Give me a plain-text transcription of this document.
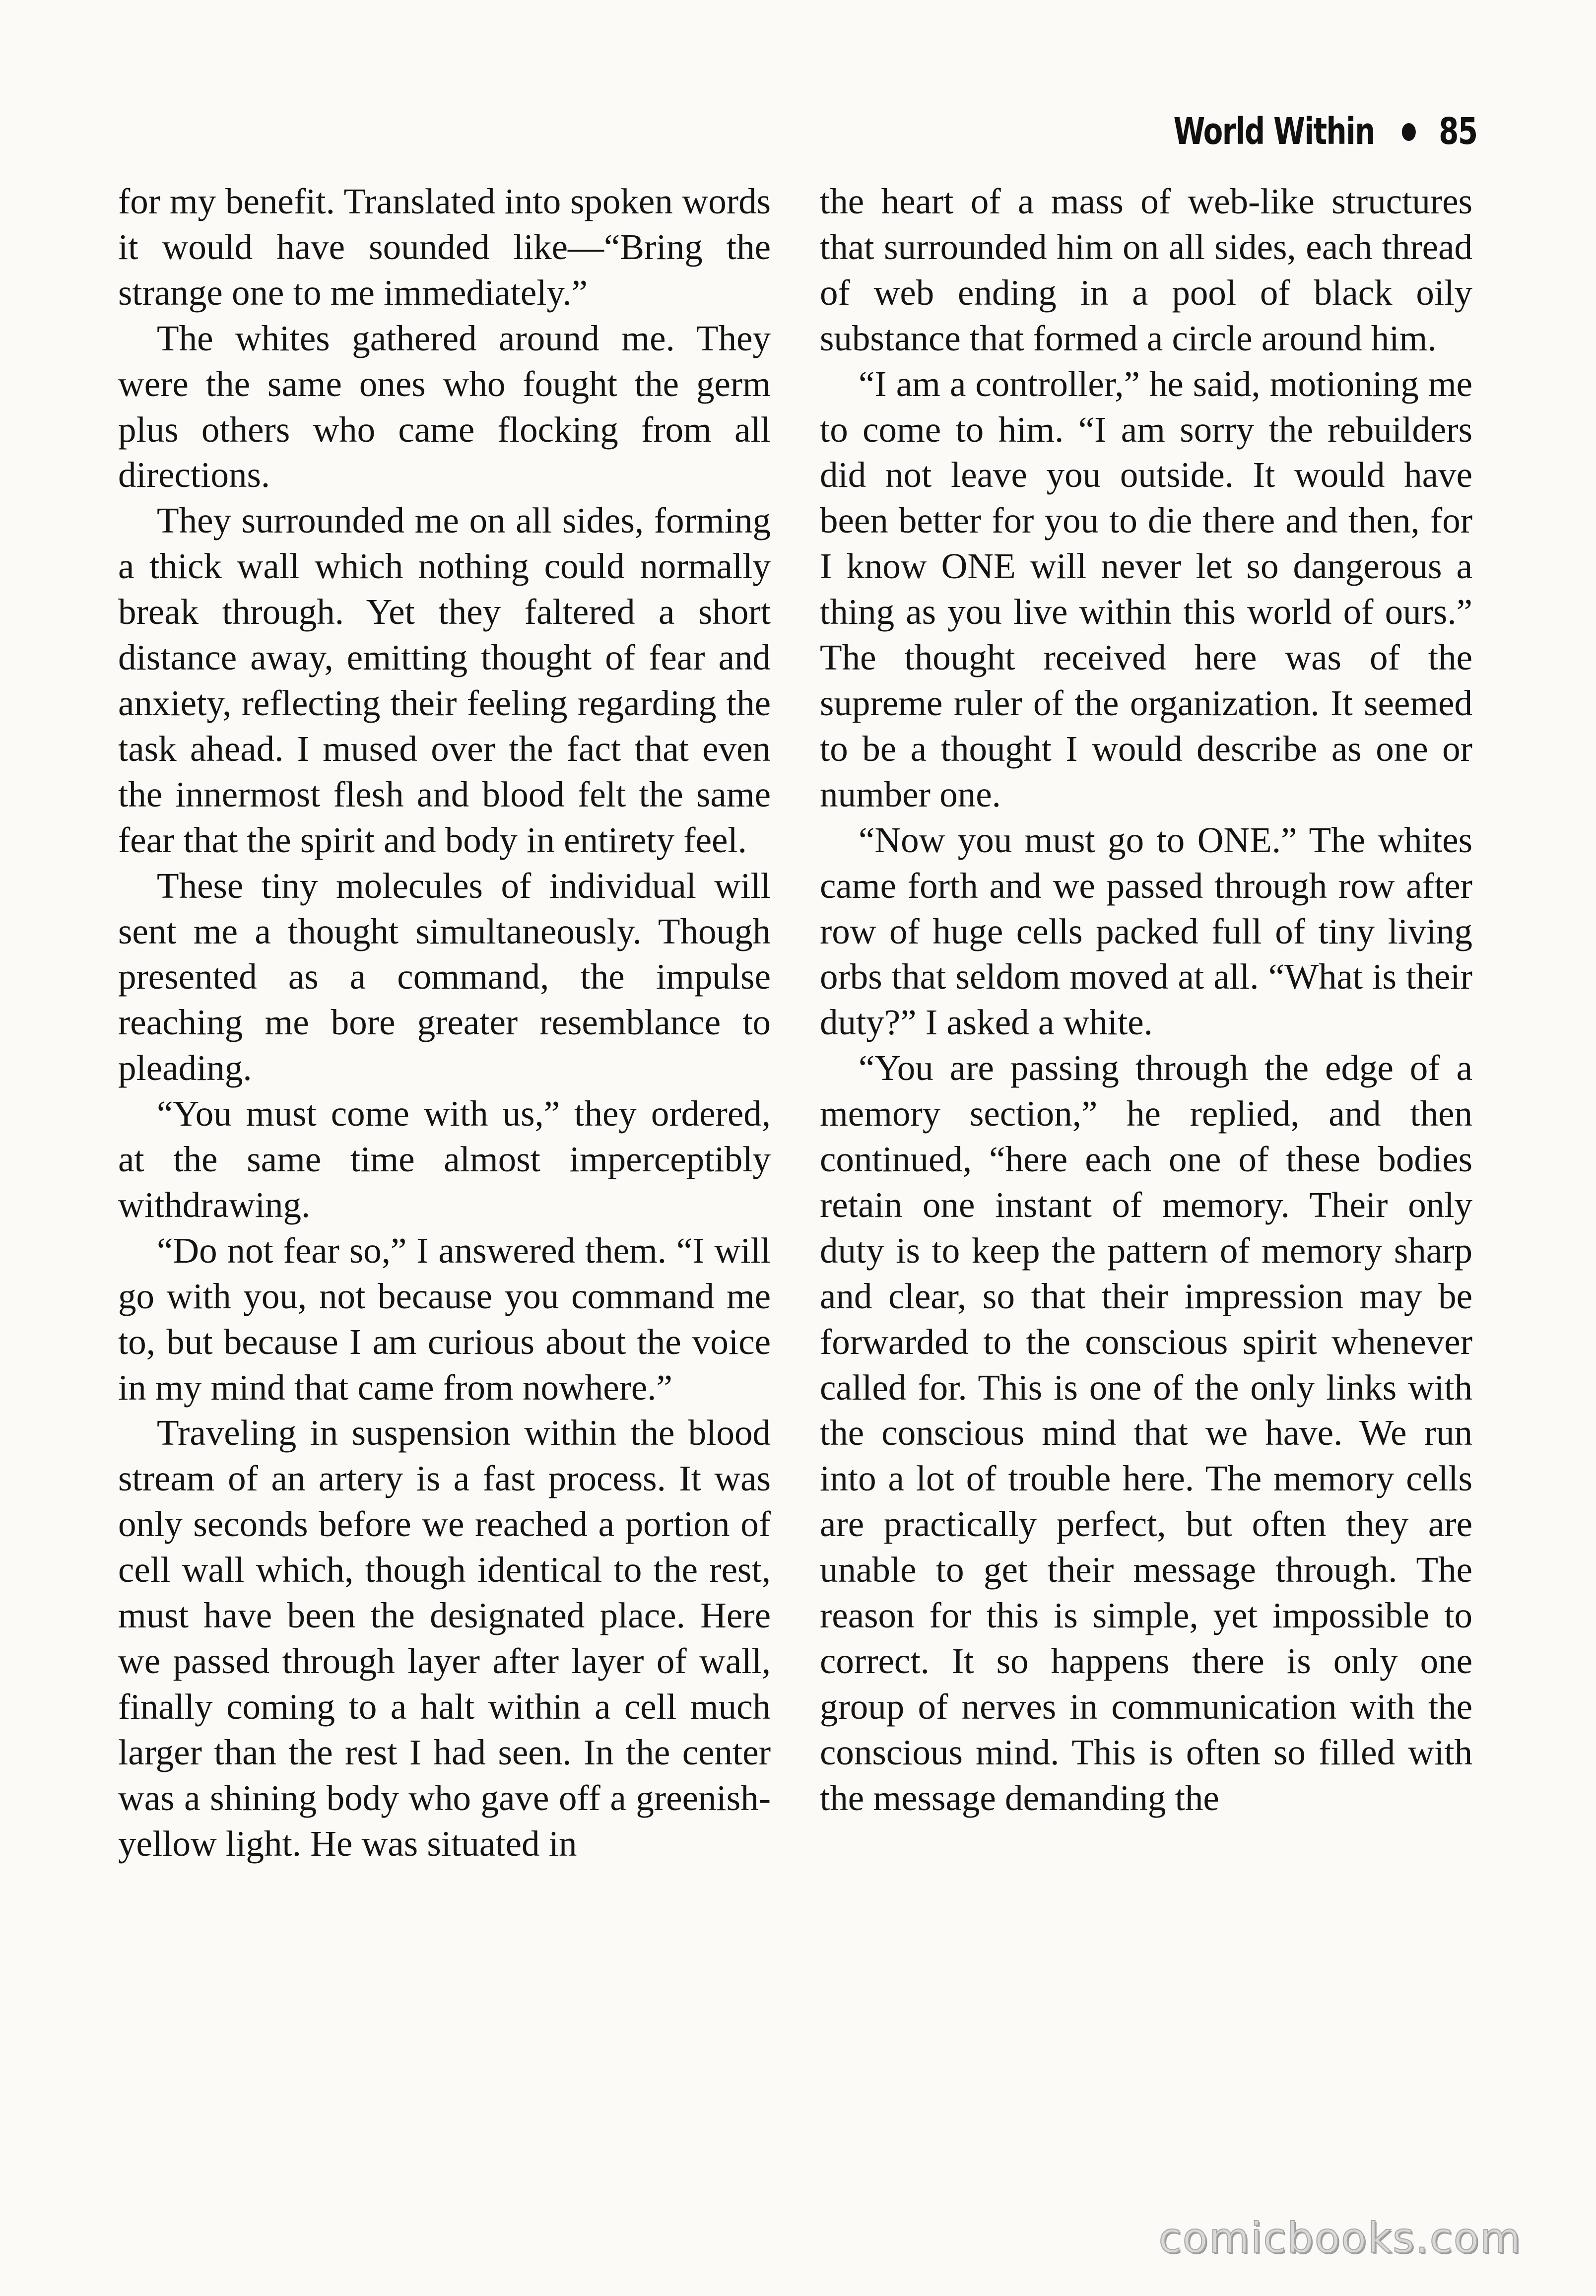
World Within 85

for my benefit. Translated into spoken words it would have sounded like—“Bring the strange one to me immediately.”

The whites gathered around me. They were the same ones who fought the germ plus others who came flocking from all directions.

They surrounded me on all sides, forming a thick wall which nothing could normally break through. Yet they faltered a short distance away, emitting thought of fear and anxiety, reflecting their feeling regarding the task ahead. I mused over the fact that even the innermost flesh and blood felt the same fear that the spirit and body in entirety feel.

These tiny molecules of individual will sent me a thought simultaneously. Though presented as a command, the impulse reaching me bore greater resemblance to pleading.

“You must come with us,” they ordered, at the same time almost imperceptibly withdrawing.

“Do not fear so,” I answered them. “I will go with you, not because you command me to, but because I am curious about the voice in my mind that came from nowhere.”

Traveling in suspension within the blood stream of an artery is a fast process. It was only seconds before we reached a portion of cell wall which, though identical to the rest, must have been the designated place. Here we passed through layer after layer of wall, finally coming to a halt within a cell much larger than the rest I had seen. In the center was a shining body who gave off a greenish-yellow light. He was situated in

the heart of a mass of web-like structures that surrounded him on all sides, each thread of web ending in a pool of black oily substance that formed a circle around him.

“I am a controller,” he said, motioning me to come to him. “I am sorry the rebuilders did not leave you outside. It would have been better for you to die there and then, for I know ONE will never let so dangerous a thing as you live within this world of ours.” The thought received here was of the supreme ruler of the organization. It seemed to be a thought I would describe as one or number one.

“Now you must go to ONE.” The whites came forth and we passed through row after row of huge cells packed full of tiny living orbs that seldom moved at all. “What is their duty?” I asked a white.

“You are passing through the edge of a memory section,” he replied, and then continued, “here each one of these bodies retain one instant of memory. Their only duty is to keep the pattern of memory sharp and clear, so that their impression may be forwarded to the conscious spirit whenever called for. This is one of the only links with the conscious mind that we have. We run into a lot of trouble here. The memory cells are practically perfect, but often they are unable to get their message through. The reason for this is simple, yet impossible to correct. It so happens there is only one group of nerves in communication with the conscious mind. This is often so filled with the message demanding the

comicbooks.com
